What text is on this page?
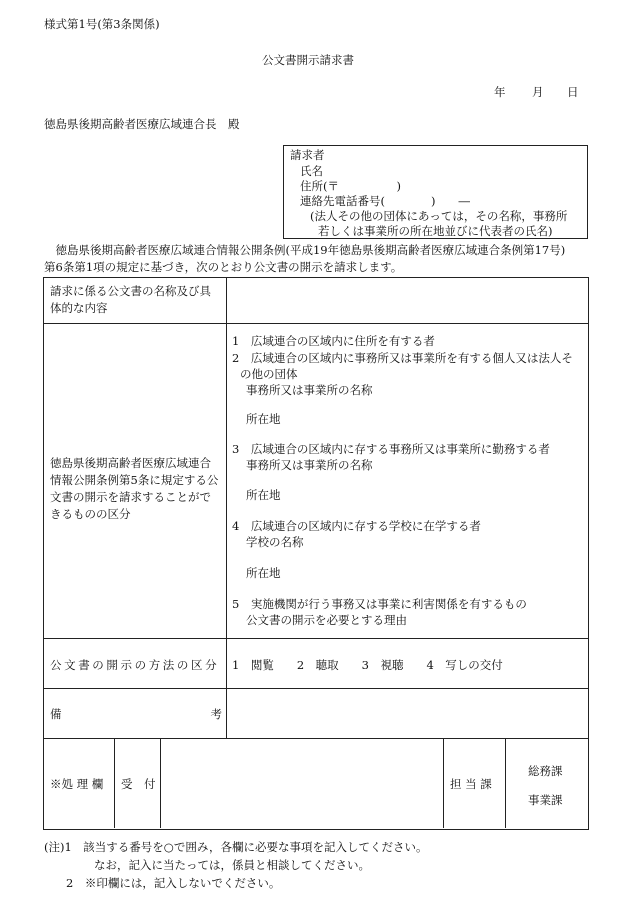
様式第1号(第3条関係)
公文書開示請求書
年 月 日
徳島県後期高齢者医療広域連合長　殿
請求者
氏名
住所(〒　　　　　)
連絡先電話番号(　　　　)　　―
(法人その他の団体にあっては，その名称，事務所
若しくは事業所の所在地並びに代表者の氏名)
　徳島県後期高齢者医療広域連合情報公開条例(平成19年徳島県後期高齢者医療広域連合条例第17号)
第6条第1項の規定に基づき，次のとおり公文書の開示を請求します。
請求に係る公文書の名称及び具体的な内容
徳島県後期高齢者医療広域連合情報公開条例第5条に規定する公文書の開示を請求することができるものの区分
1　広域連合の区域内に住所を有する者
2　広域連合の区域内に事務所又は事業所を有する個人又は法人そ
の他の団体
事務所又は事業所の名称
所在地
3　広域連合の区域内に存する事務所又は事業所に勤務する者
事務所又は事業所の名称
所在地
4　広域連合の区域内に存する学校に在学する者
学校の名称
所在地
5　実施機関が行う事務又は事業に利害関係を有するもの
公文書の開示を必要とする理由
公文書の開示の方法の区分 1　閲覧　　2　聴取　　3　視聴　　4　写しの交付
備	考
※処 理 欄 受　付	担 当 課
総務課
事業課
(注)1　該当する番号を○で囲み，各欄に必要な事項を記入してください。
なお，記入に当たっては，係員と相談してください。
2　※印欄には，記入しないでください。
